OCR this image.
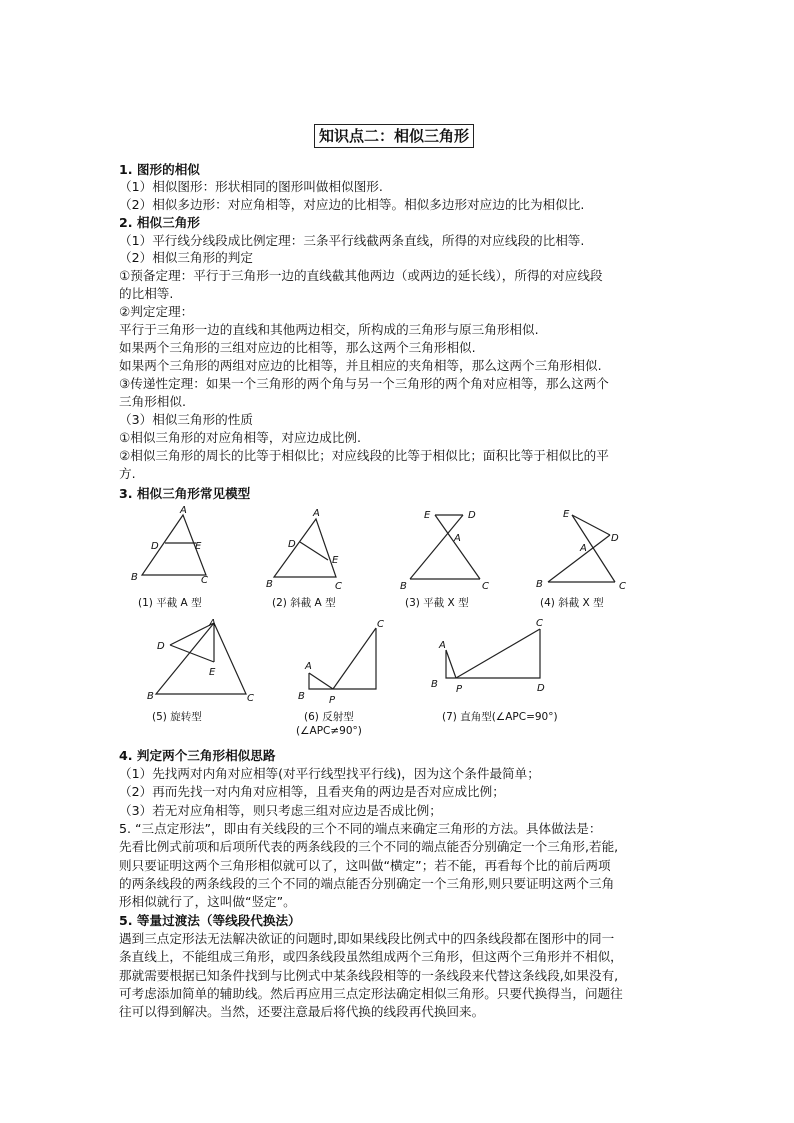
知识点二：相似三角形
1. 图形的相似
（1）相似图形：形状相同的图形叫做相似图形.
（2）相似多边形：对应角相等，对应边的比相等。相似多边形对应边的比为相似比.
2. 相似三角形
（1）平行线分线段成比例定理：三条平行线截两条直线，所得的对应线段的比相等.
（2）相似三角形的判定
①预备定理：平行于三角形一边的直线截其他两边（或两边的延长线），所得的对应线段
的比相等.
②判定定理：
平行于三角形一边的直线和其他两边相交，所构成的三角形与原三角形相似.
如果两个三角形的三组对应边的比相等，那么这两个三角形相似.
如果两个三角形的两组对应边的比相等，并且相应的夹角相等，那么这两个三角形相似.
③传递性定理：如果一个三角形的两个角与另一个三角形的两个角对应相等，那么这两个
三角形相似.
（3）相似三角形的性质
①相似三角形的对应角相等，对应边成比例.
②相似三角形的周长的比等于相似比；对应线段的比等于相似比；面积比等于相似比的平
方.
3. 相似三角形常见模型
A
D	E
B	C
(1) 平截 A 型
A
D
E
B	C
(2) 斜截 A 型
E	D
A
B	C
(3) 平截 X 型
E
D
A
B	C
(4) 斜截 X 型
A
D
E
B	C
(5) 旋转型
A
C
B P
(6) 反射型
(∠APC≠90°)
A
C
B P	D
(7) 直角型(∠APC=90°)
4. 判定两个三角形相似思路
（1）先找两对内角对应相等(对平行线型找平行线)，因为这个条件最简单；
（2）再而先找一对内角对应相等，且看夹角的两边是否对应成比例；
（3）若无对应角相等，则只考虑三组对应边是否成比例；
5. “三点定形法”，即由有关线段的三个不同的端点来确定三角形的方法。具体做法是：
先看比例式前项和后项所代表的两条线段的三个不同的端点能否分别确定一个三角形,若能,
则只要证明这两个三角形相似就可以了，这叫做“横定”；若不能，再看每个比的前后两项
的两条线段的两条线段的三个不同的端点能否分别确定一个三角形,则只要证明这两个三角
形相似就行了，这叫做“竖定”。
5. 等量过渡法（等线段代换法）
遇到三点定形法无法解决欲证的问题时,即如果线段比例式中的四条线段都在图形中的同一
条直线上，不能组成三角形，或四条线段虽然组成两个三角形，但这两个三角形并不相似，
那就需要根据已知条件找到与比例式中某条线段相等的一条线段来代替这条线段,如果没有,
可考虑添加简单的辅助线。然后再应用三点定形法确定相似三角形。只要代换得当，问题往
往可以得到解决。当然，还要注意最后将代换的线段再代换回来。
